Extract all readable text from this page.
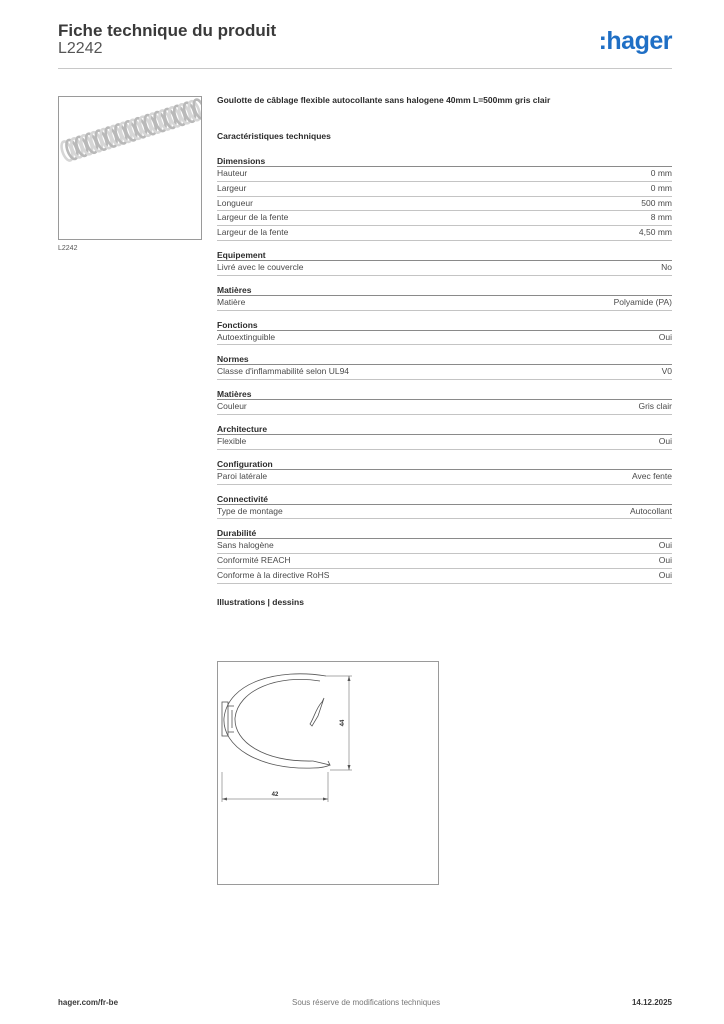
Fiche technique du produit
L2242	:hager
L2242
Goulotte de câblage flexible autocollante sans halogene 40mm L=500mm gris clair
Caractéristiques techniques
Dimensions
Hauteur	0 mm
Largeur	0 mm
Longueur	500 mm
Largeur de la fente	8 mm
Largeur de la fente	4,50 mm
Equipement
Livré avec le couvercle	No
Matières
Matière	Polyamide (PA)
Fonctions
Autoextinguible	Oui
Normes
Classe d'inflammabilité selon UL94	V0
Matières
Couleur	Gris clair
Architecture
Flexible	Oui
Configuration
Paroi latérale	Avec fente
Connectivité
Type de montage	Autocollant
Durabilité
Sans halogène	Oui
Conformité REACH	Oui
Conforme à la directive RoHS	Oui
Illustrations | dessins
44
42
hager.com/fr-be	Sous réserve de modifications techniques	14.12.2025
